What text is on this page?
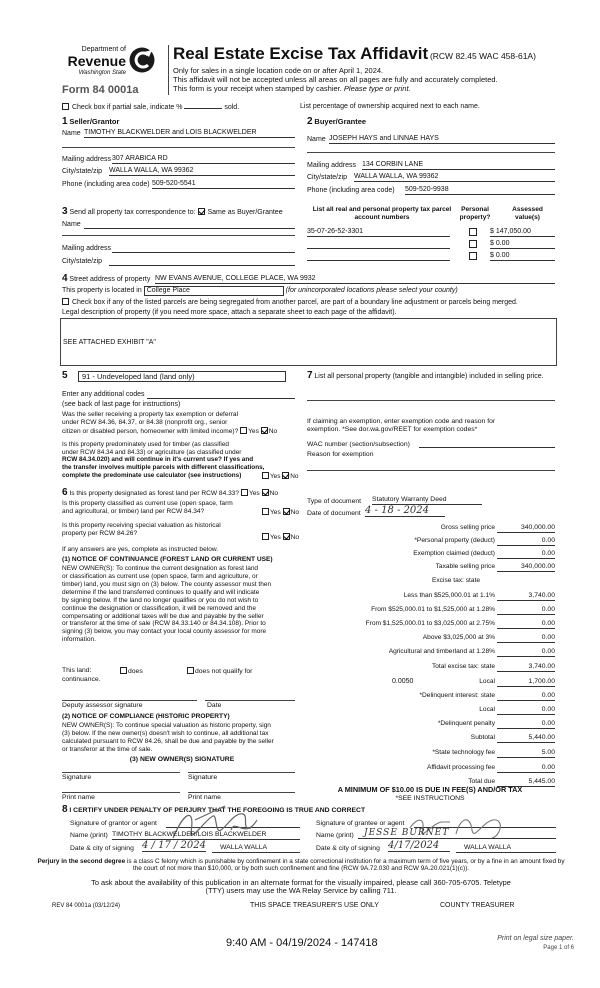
Department of
Revenue
Washington State
Form 84 0001a
Real Estate Excise Tax Affidavit (RCW 82.45 WAC 458-61A)
Only for sales in a single location code on or after April 1, 2024.
This affidavit will not be accepted unless all areas on all pages are fully and accurately completed.
This form is your receipt when stamped by cashier. Please type or print.
Check box if partial sale, indicate %	sold.	List percentage of ownership acquired next to each name.
1 Seller/Grantor
Name TIMOTHY BLACKWELDER and LOIS BLACKWELDER
Mailing address 307 ARABICA RD
City/state/zip WALLA WALLA, WA 99362
Phone (including area code) 509-520-5541
2 Buyer/Grantee
Name JOSEPH HAYS and LINNAE HAYS
Mailing address 134 CORBIN LANE
City/state/zip WALLA WALLA, WA 99362
Phone (including area code) 509-520-9938
3 Send all property tax correspondence to: Same as Buyer/Grantee
Name
Mailing address
City/state/zip
List all real and personal property tax parcel account numbers
Personal property?
Assessed value(s)
35-07-26-52-3301	$ 147,050.00
$ 0.00
$ 0.00
4 Street address of property NW EVANS AVENUE, COLLEGE PLACE, WA 9932
This property is located in College Place	(for unincorporated locations please select your county)
Check box if any of the listed parcels are being segregated from another parcel, are part of a boundary line adjustment or parcels being merged.
Legal description of property (if you need more space, attach a separate sheet to each page of the affidavit).
SEE ATTACHED EXHIBIT "A"
5	91 - Undeveloped land (land only)
Enter any additional codes
(see back of last page for instructions)
Was the seller receiving a property tax exemption or deferral
under RCW 84.36, 84.37, or 84.38 (nonprofit org., senior
citizen or disabled person, homeowner with limited income)? Yes No
Is this property predominately used for timber (as classified
under RCW 84.34 and 84.33) or agriculture (as classified under
RCW 84.34.020) and will continue in it's current use? If yes and
the transfer involves multiple parcels with different classifications,
complete the predominate use calculator (see instructions)	Yes No
7 List all personal property (tangible and intangible) included in selling price.
If claiming an exemption, enter exemption code and reason for
exemption. *See dor.wa.gov/REET for exemption codes*
WAC number (section/subsection)
Reason for exemption
6 Is this property designated as forest land per RCW 84.33? Yes No
Is this property classified as current use (open space, farm
and agricultural, or timber) land per RCW 84.34?	Yes No
Is this property receiving special valuation as historical
property per RCW 84.26?
Yes No
If any answers are yes, complete as instructed below.
(1) NOTICE OF CONTINUANCE (FOREST LAND OR CURRENT USE)
NEW OWNER(S): To continue the current designation as forest land
or classification as current use (open space, farm and agriculture, or
timber) land, you must sign on (3) below. The county assessor must then
determine if the land transferred continues to qualify and will indicate
by signing below. If the land no longer qualifies or you do not wish to
continue the designation or classification, it will be removed and the
compensating or additional taxes will be due and payable by the seller
or transferor at the time of sale (RCW 84.33.140 or 84.34.108). Prior to
signing (3) below, you may contact your local county assessor for more
information.
This land:	does	does not qualify for
continuance.
Deputy assessor signature	Date
(2) NOTICE OF COMPLIANCE (HISTORIC PROPERTY)
NEW OWNER(S): To continue special valuation as historic property, sign
(3) below. If the new owner(s) doesn't wish to continue, all additional tax
calculated pursuant to RCW 84.26, shall be due and payable by the seller
or transferor at the time of sale.
(3) NEW OWNER(S) SIGNATURE
Signature	Signature
Print name	Print name
Type of document Statutory Warranty Deed
Date of document 4 - 18 - 2024
Gross selling price	340,000.00
*Personal property (deduct)	0.00
Exemption claimed (deduct)	0.00
Taxable selling price	340,000.00
Excise tax: state
Less than $525,000.01 at 1.1%	3,740.00
From $525,000.01 to $1,525,000 at 1.28%	0.00
From $1,525,000.01 to $3,025,000 at 2.75%	0.00
Above $3,025,000 at 3%	0.00
Agricultural and timberland at 1.28%	0.00
Total excise tax: state	3,740.00
0.0050	Local	1,700.00
*Delinquent interest: state	0.00
Local	0.00
*Delinquent penalty	0.00
Subtotal	5,440.00
*State technology fee	5.00
Affidavit processing fee	0.00
Total due	5,445.00
A MINIMUM OF $10.00 IS DUE IN FEE(S) AND/OR TAX
*SEE INSTRUCTIONS
8 I CERTIFY UNDER PENALTY OF PERJURY THAT THE FOREGOING IS TRUE AND CORRECT
Signature of grantor or agent
Name (print) TIMOTHY BLACKWELDER/LOIS BLACKWELDER
Date & city of signing 4 / 17 / 2024	WALLA WALLA
Signature of grantee or agent
Name (print)	JESSE BURNET
Date & city of signing 4/17/2024	WALLA WALLA
Perjury in the second degree is a class C felony which is punishable by confinement in a state correctional institution for a maximum term of five years, or by a fine in an amount fixed by the court of not more than $10,000, or by both such confinement and fine (RCW 9A.72.030 and RCW 9A.20.021(1)(c)).
To ask about the availability of this publication in an alternate format for the visually impaired, please call 360-705-6705. Teletype
(TTY) users may use the WA Relay Service by calling 711.
REV 84 0001a (03/12/24)	THIS SPACE TREASURER'S USE ONLY	COUNTY TREASURER
9:40 AM - 04/19/2024 - 147418	Print on legal size paper.
Page 1 of 6
